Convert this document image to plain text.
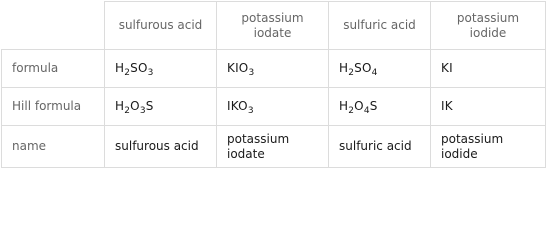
	sulfurous acid	potassium iodate	sulfuric acid	potassium iodide
formula	$H_2SO_3$	$KIO_3$	$H_2SO_4$	KI
Hill formula	$H_2O_3S$	$IKO_3$	$H_2O_4S$	IK
name	sulfurous acid	potassium iodate	sulfuric acid	potassium iodide
